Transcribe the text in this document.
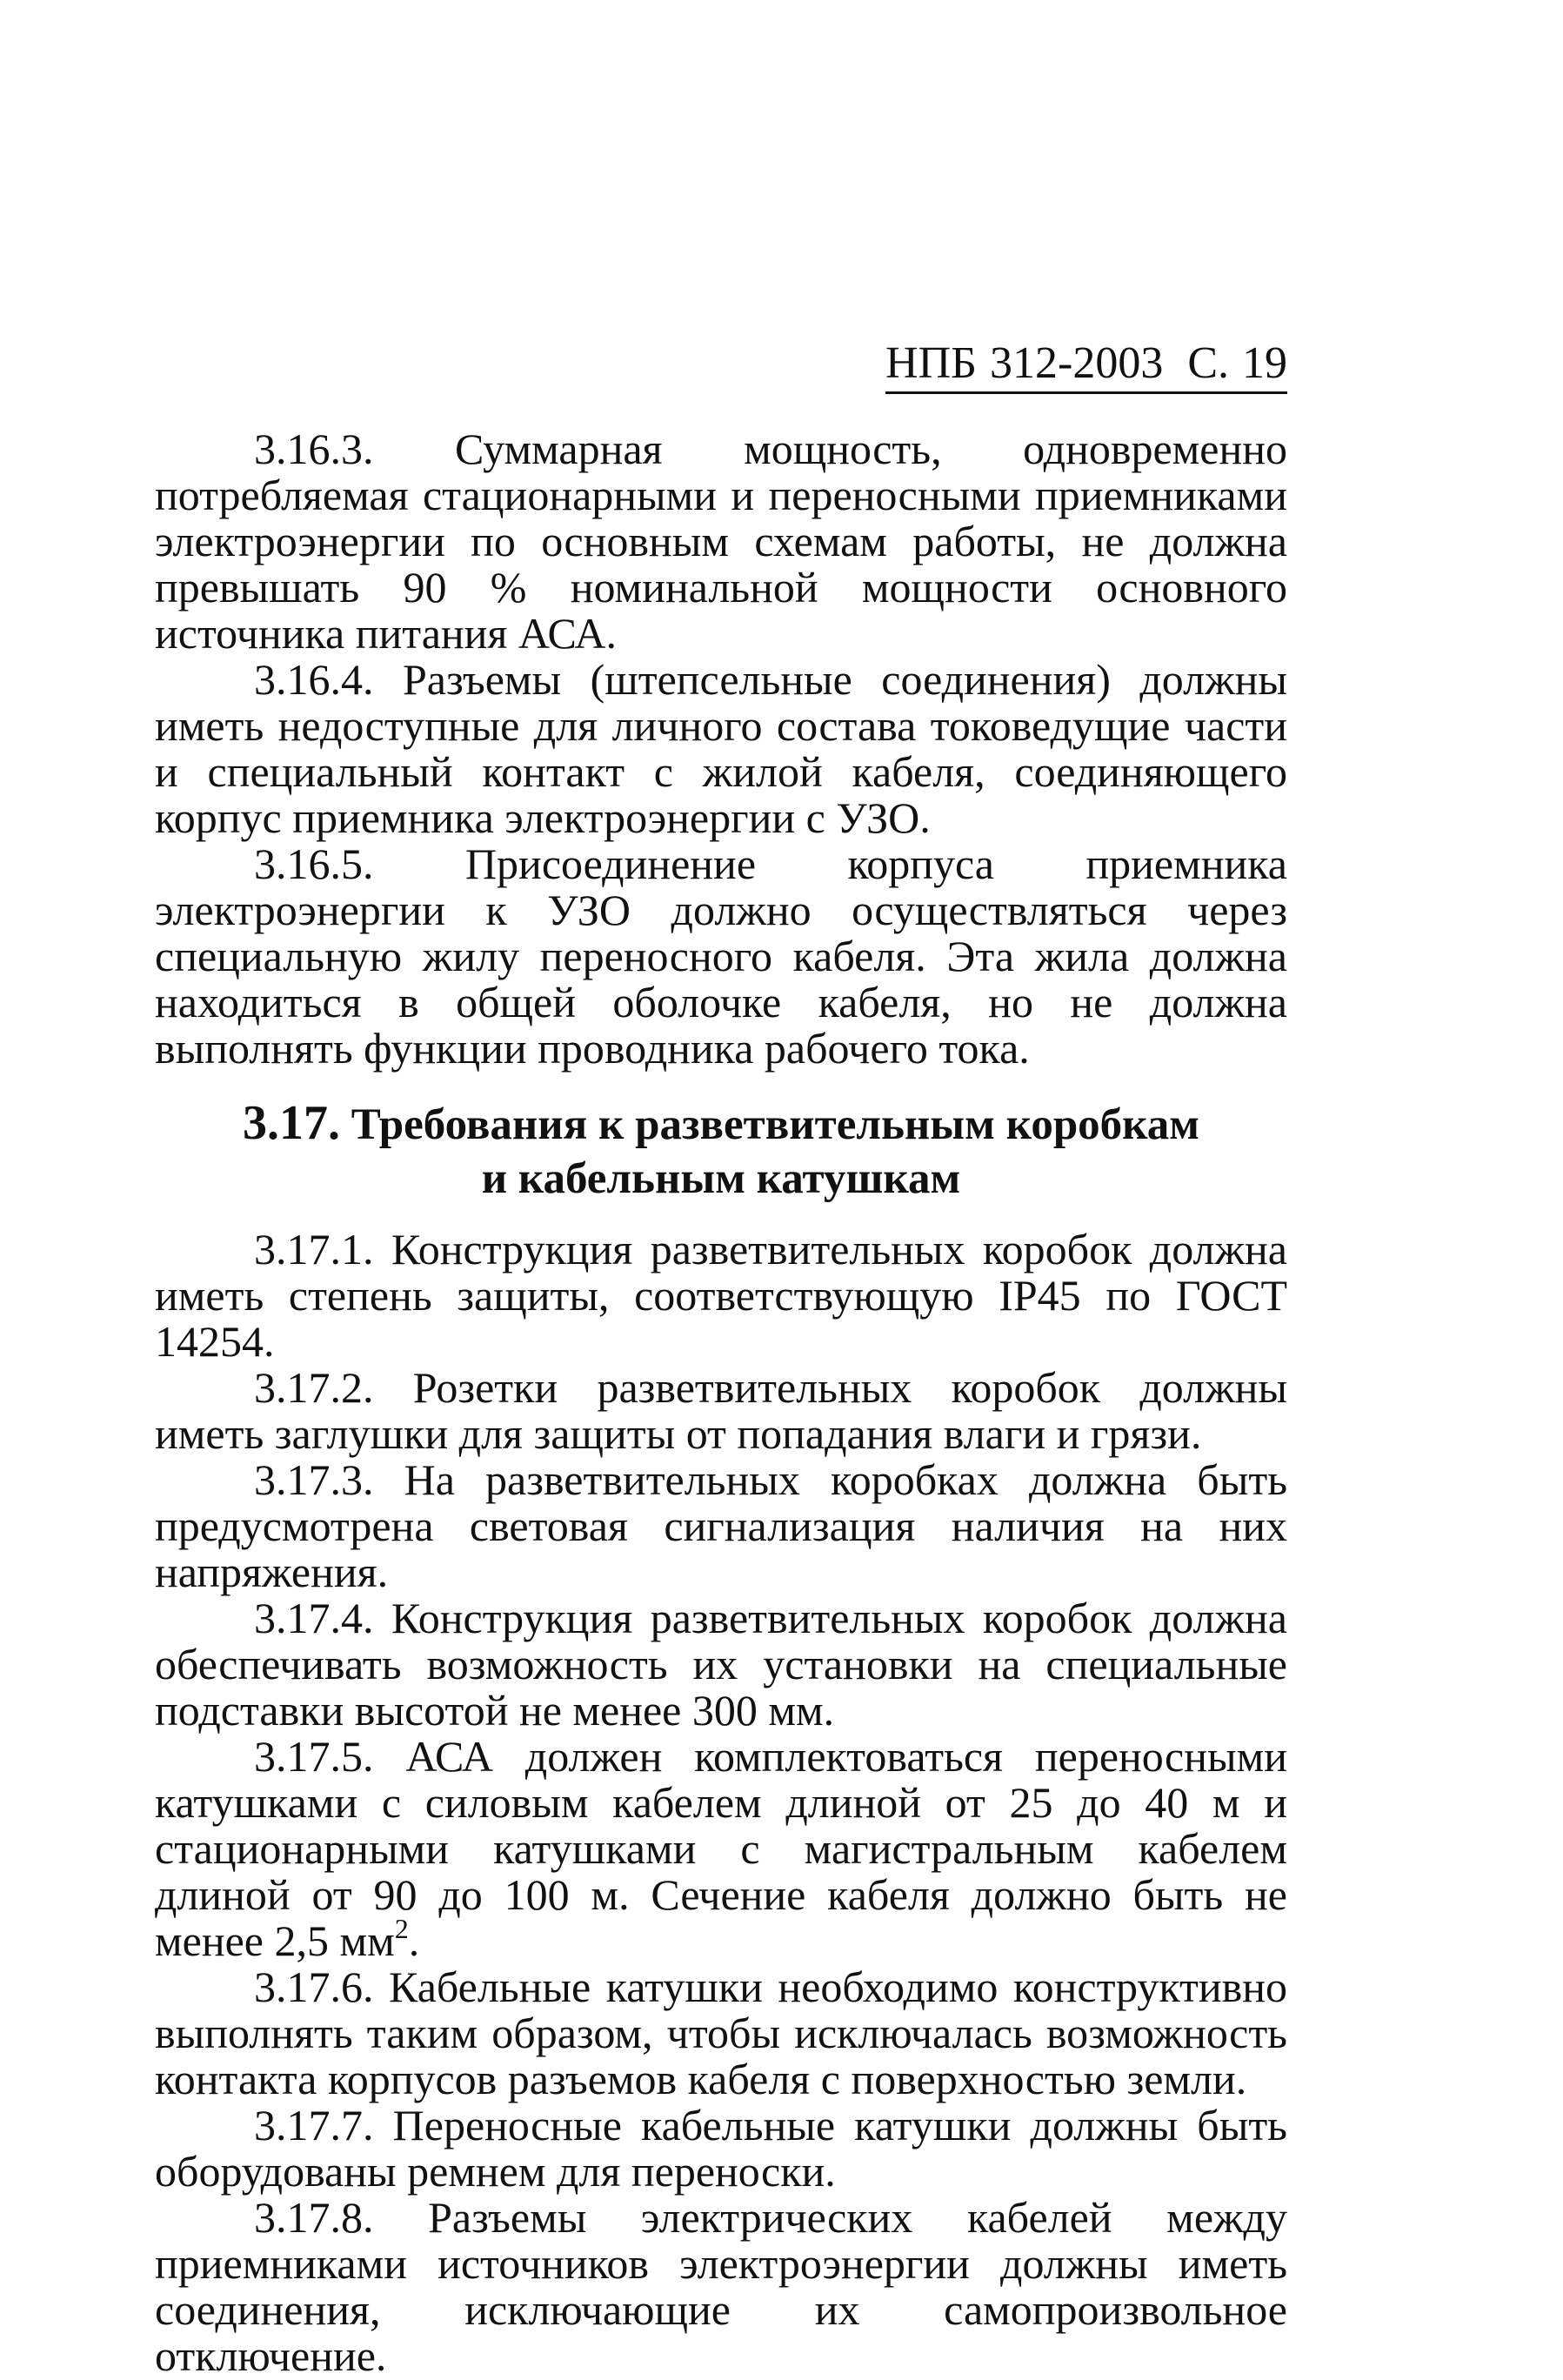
НПБ 312-2003 С. 19

3.16.3. Суммарная мощность, одновременно потребляемая стационарными и переносными приемниками электроэнергии по основным схемам работы, не должна превышать 90 % номинальной мощности основного источника питания АСА.

3.16.4. Разъемы (штепсельные соединения) должны иметь недоступные для личного состава токоведущие части и специальный контакт с жилой кабеля, соединяющего корпус приемника электроэнергии с УЗО.

3.16.5. Присоединение корпуса приемника электроэнергии к УЗО должно осуществляться через специальную жилу переносного кабеля. Эта жила должна находиться в общей оболочке кабеля, но не должна выполнять функции проводника рабочего тока.

3.17. Требования к разветвительным коробкам
и кабельным катушкам

3.17.1. Конструкция разветвительных коробок должна иметь степень защиты, соответствующую IP45 по ГОСТ 14254.

3.17.2. Розетки разветвительных коробок должны иметь заглушки для защиты от попадания влаги и грязи.

3.17.3. На разветвительных коробках должна быть предусмотрена световая сигнализация наличия на них напряжения.

3.17.4. Конструкция разветвительных коробок должна обеспечивать возможность их установки на специальные подставки высотой не менее 300 мм.

3.17.5. АСА должен комплектоваться переносными катушками с силовым кабелем длиной от 25 до 40 м и стационарными катушками с магистральным кабелем длиной от 90 до 100 м. Сечение кабеля должно быть не менее 2,5 $мм^2$.

3.17.6. Кабельные катушки необходимо конструктивно выполнять таким образом, чтобы исключалась возможность контакта корпусов разъемов кабеля с поверхностью земли.

3.17.7. Переносные кабельные катушки должны быть оборудованы ремнем для переноски.

3.17.8. Разъемы электрических кабелей между приемниками источников электроэнергии должны иметь соединения, исключающие их самопроизвольное отключение.
